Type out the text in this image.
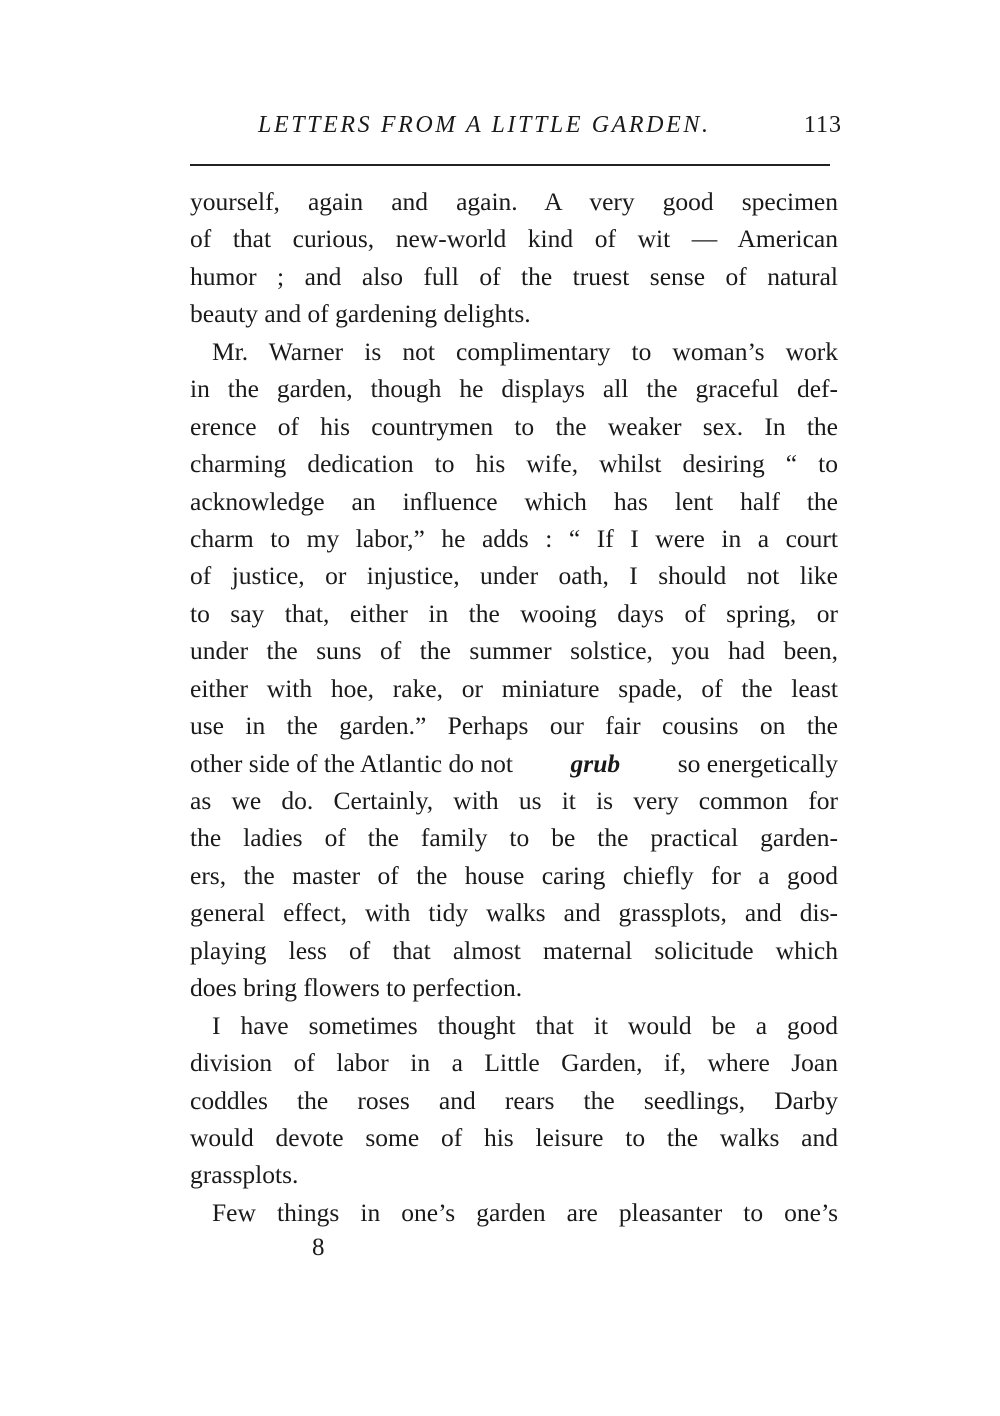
LETTERS FROM A LITTLE GARDEN.	113
yourself, again and again. A very good specimen
of that curious, new-world kind of wit — American
humor ; and also full of the truest sense of natural
beauty and of gardening delights.
Mr. Warner is not complimentary to woman’s work
in the garden, though he displays all the graceful def-
erence of his countrymen to the weaker sex. In the
charming dedication to his wife, whilst desiring “ to
acknowledge an influence which has lent half the
charm to my labor,” he adds : “ If I were in a court
of justice, or injustice, under oath, I should not like
to say that, either in the wooing days of spring, or
under the suns of the summer solstice, you had been,
either with hoe, rake, or miniature spade, of the least
use in the garden.” Perhaps our fair cousins on the
other side of the Atlantic do not grub so energetically
as we do. Certainly, with us it is very common for
the ladies of the family to be the practical garden-
ers, the master of the house caring chiefly for a good
general effect, with tidy walks and grassplots, and dis-
playing less of that almost maternal solicitude which
does bring flowers to perfection.
I have sometimes thought that it would be a good
division of labor in a Little Garden, if, where Joan
coddles the roses and rears the seedlings, Darby
would devote some of his leisure to the walks and
grassplots.
Few things in one’s garden are pleasanter to one’s
8
